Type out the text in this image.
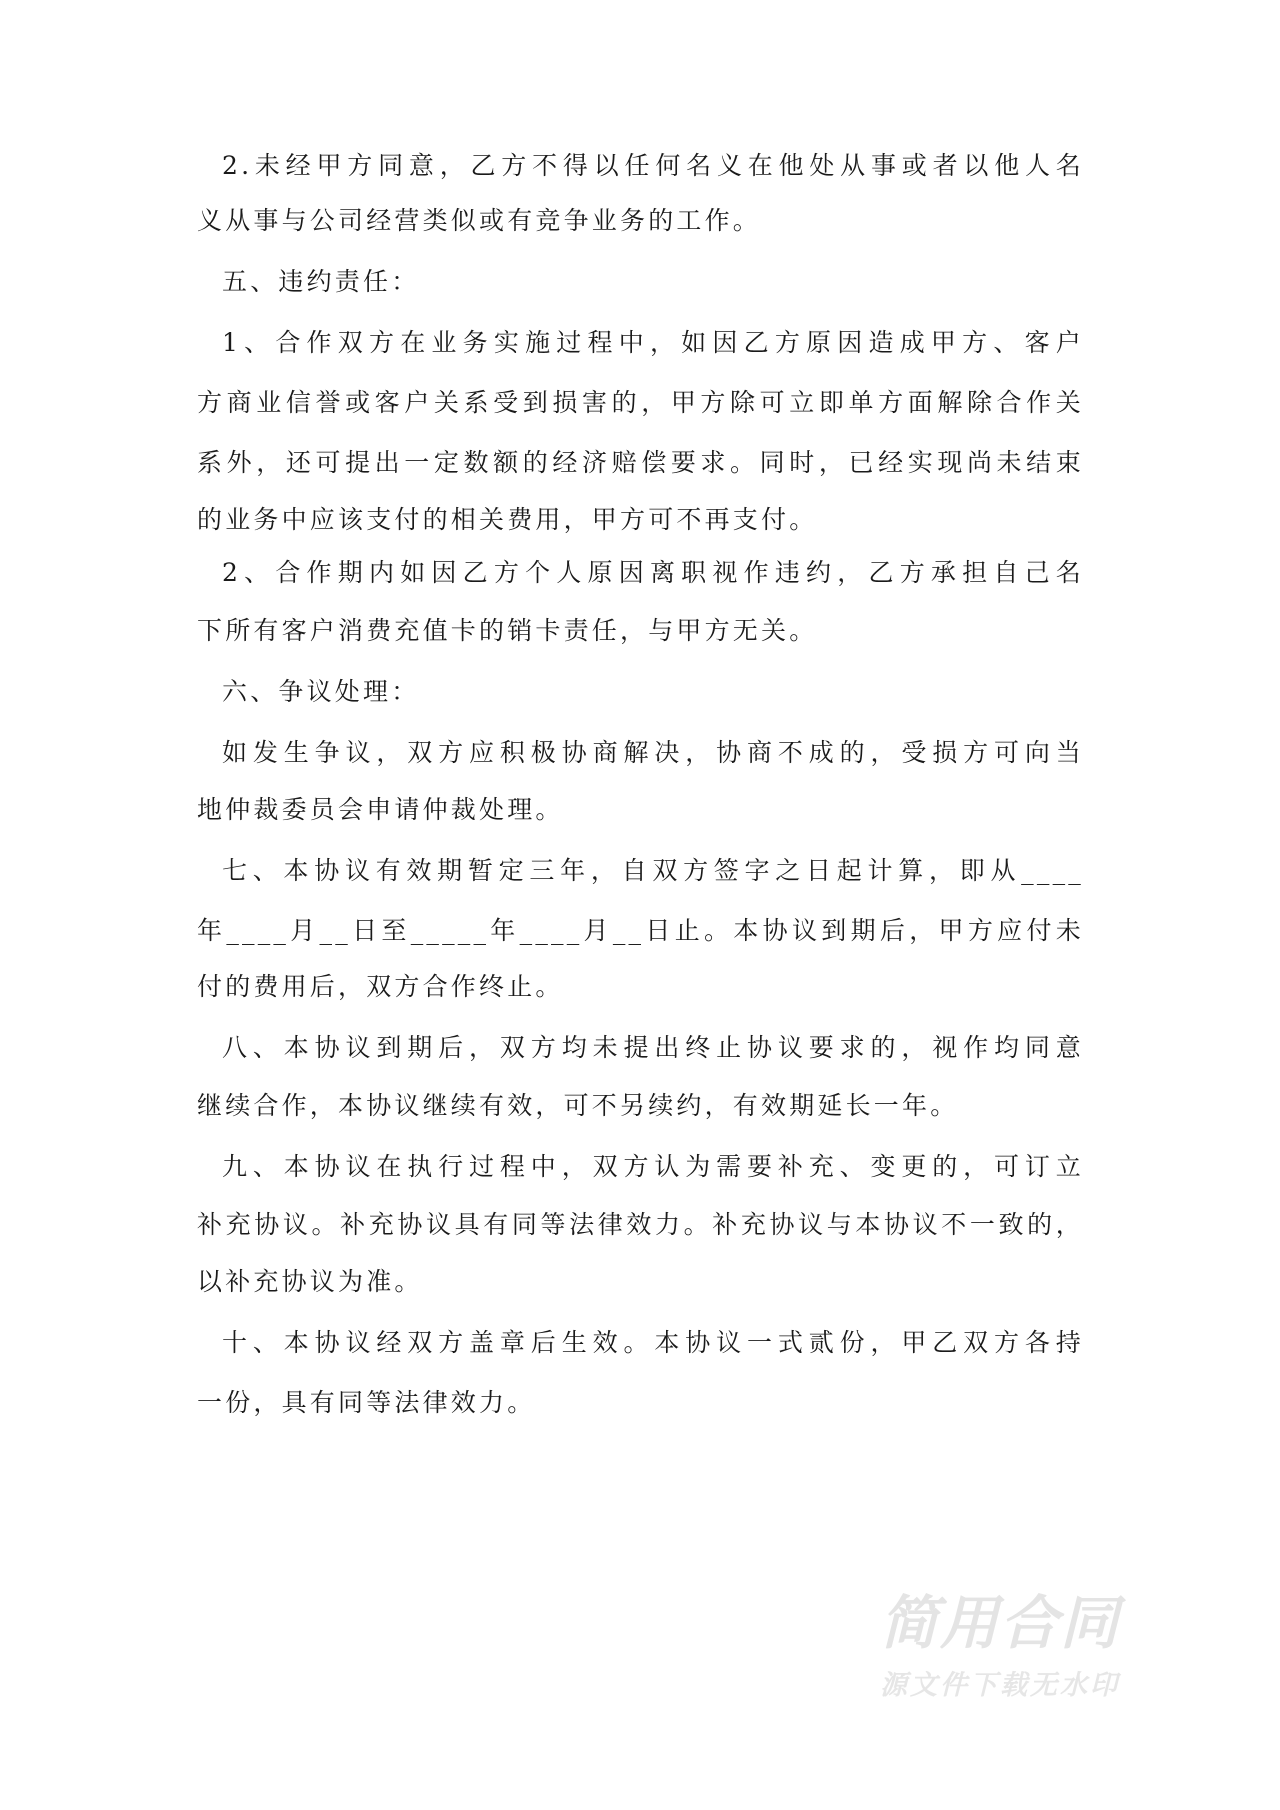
2.未经甲方同意，乙方不得以任何名义在他处从事或者以他人名
义从事与公司经营类似或有竞争业务的工作。
五、违约责任：
1、合作双方在业务实施过程中，如因乙方原因造成甲方、客户
方商业信誉或客户关系受到损害的，甲方除可立即单方面解除合作关
系外，还可提出一定数额的经济赔偿要求。同时，已经实现尚未结束
的业务中应该支付的相关费用，甲方可不再支付。
2、合作期内如因乙方个人原因离职视作违约，乙方承担自己名
下所有客户消费充值卡的销卡责任，与甲方无关。
六、争议处理：
如发生争议，双方应积极协商解决，协商不成的，受损方可向当
地仲裁委员会申请仲裁处理。
七、本协议有效期暂定三年，自双方签字之日起计算，即从____
年____月__日至_____年____月__日止。本协议到期后，甲方应付未
付的费用后，双方合作终止。
八、本协议到期后，双方均未提出终止协议要求的，视作均同意
继续合作，本协议继续有效，可不另续约，有效期延长一年。
九、本协议在执行过程中，双方认为需要补充、变更的，可订立
补充协议。补充协议具有同等法律效力。补充协议与本协议不一致的，
以补充协议为准。
十、本协议经双方盖章后生效。本协议一式贰份，甲乙双方各持
一份，具有同等法律效力。
简用合同
源文件下载无水印
